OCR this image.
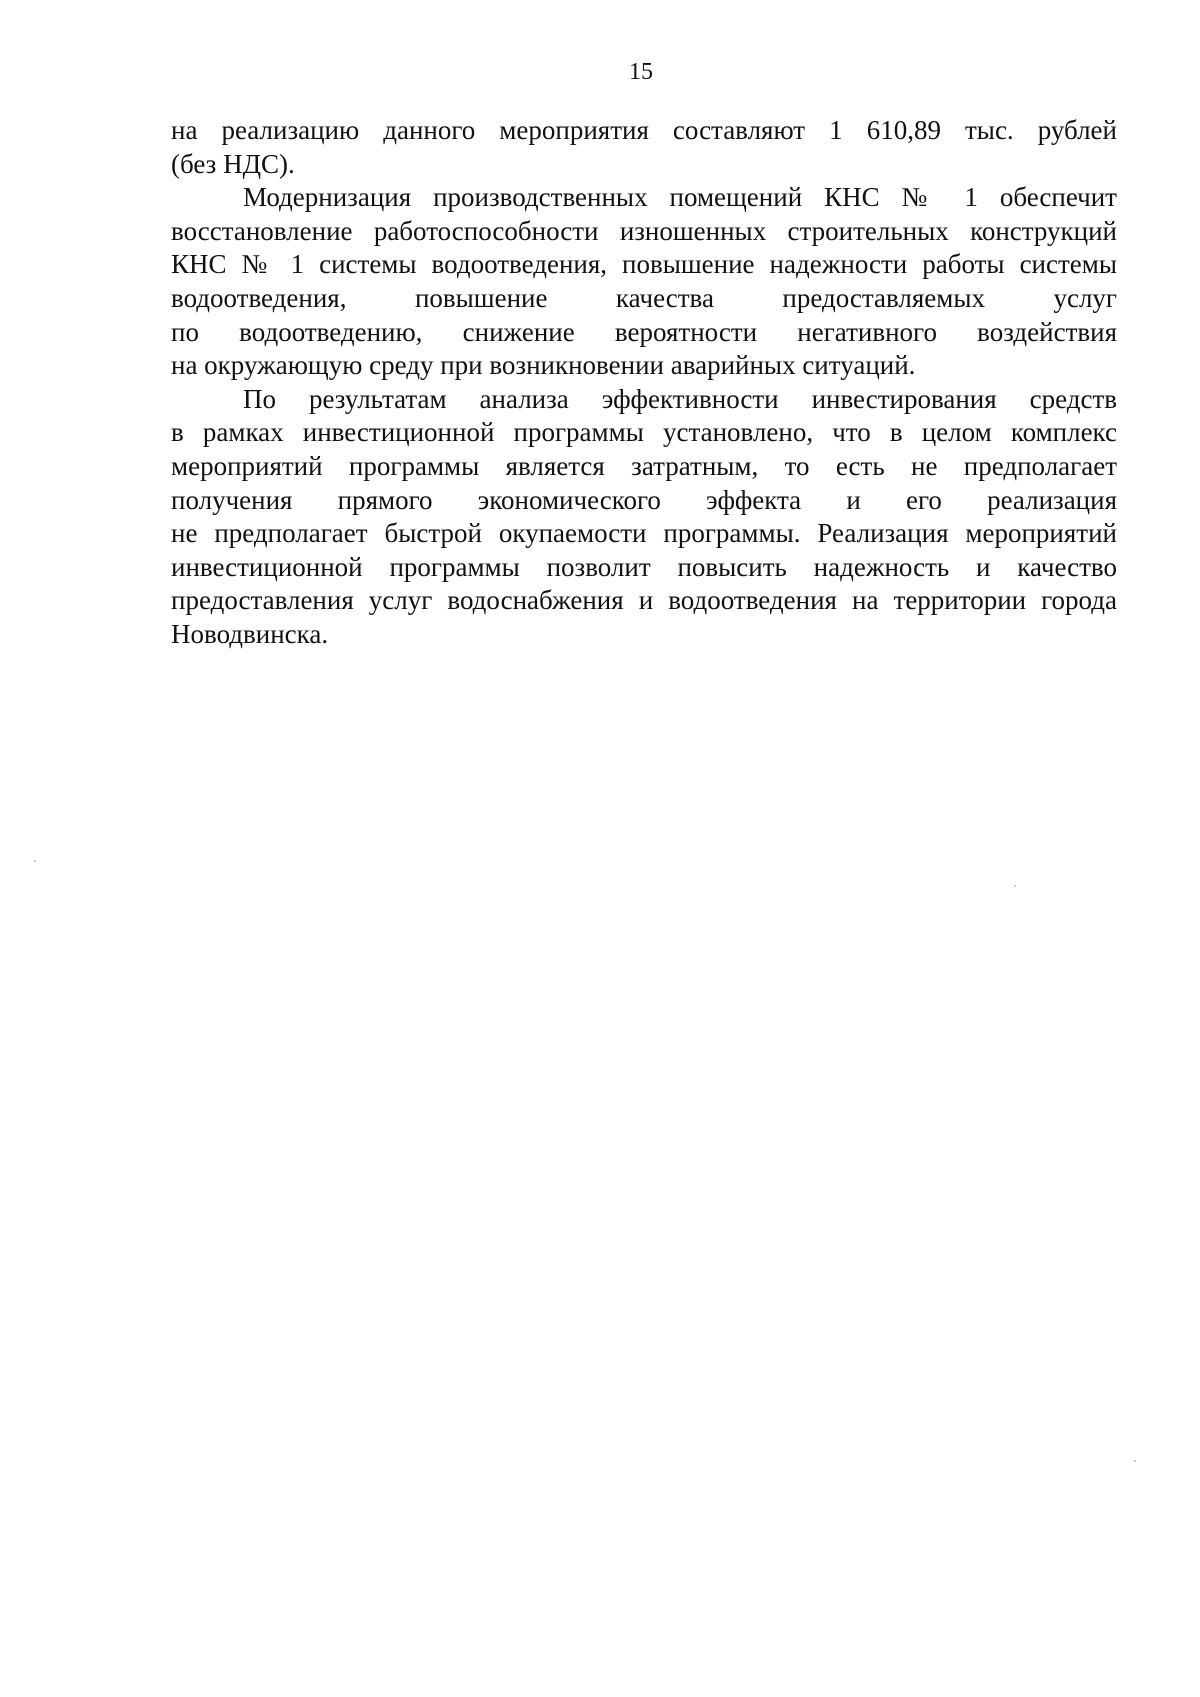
15
на реализацию данного мероприятия составляют 1 610,89 тыс. рублей
(без НДС).
Модернизация производственных помещений КНС № 1 обеспечит
восстановление работоспособности изношенных строительных конструкций
КНС № 1 системы водоотведения, повышение надежности работы системы
водоотведения, повышение качества предоставляемых услуг
по водоотведению, снижение вероятности негативного воздействия
на окружающую среду при возникновении аварийных ситуаций.
По результатам анализа эффективности инвестирования средств
в рамках инвестиционной программы установлено, что в целом комплекс
мероприятий программы является затратным, то есть не предполагает
получения прямого экономического эффекта и его реализация
не предполагает быстрой окупаемости программы. Реализация мероприятий
инвестиционной программы позволит повысить надежность и качество
предоставления услуг водоснабжения и водоотведения на территории города
Новодвинска.
